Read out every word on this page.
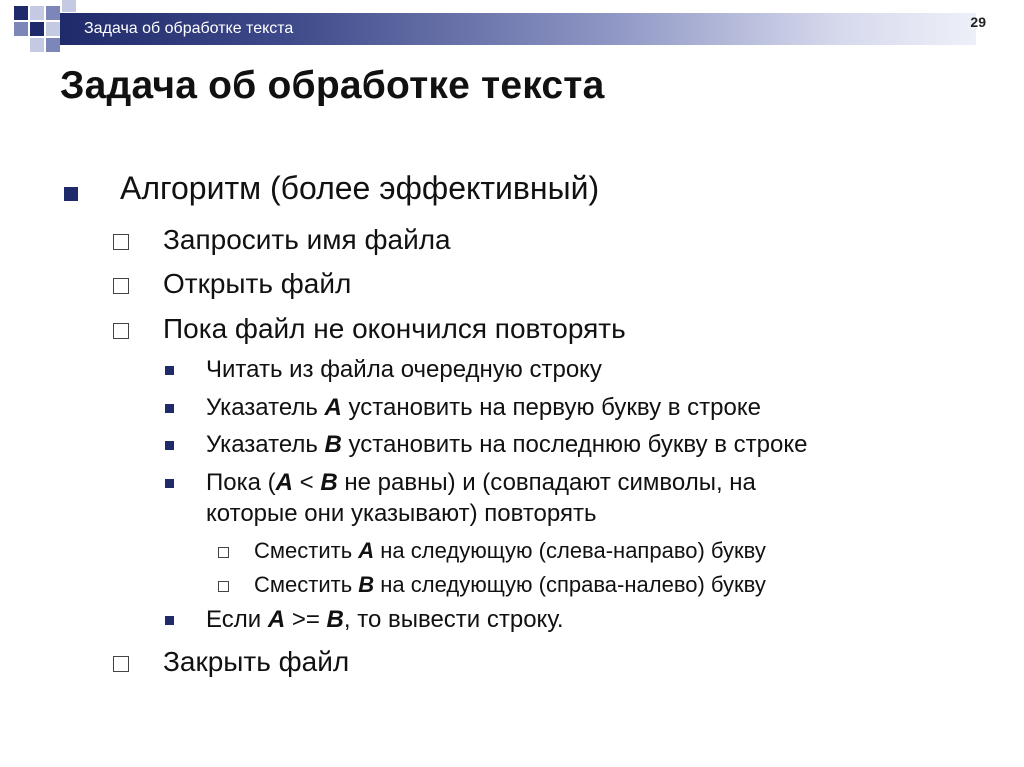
Задача об обработке текста	29
Задача об обработке текста
Алгоритм (более эффективный)
Запросить имя файла
Открыть файл
Пока файл не окончился повторять
Читать из файла очередную строку
Указатель А установить на первую букву в строке
Указатель В установить на последнюю букву в строке
Пока (А < В не равны) и (совпадают символы, на
которые они указывают) повторять
Сместить А на следующую (слева-направо) букву
Сместить В на следующую (справа-налево) букву
Если А >= В, то вывести строку.
Закрыть файл
